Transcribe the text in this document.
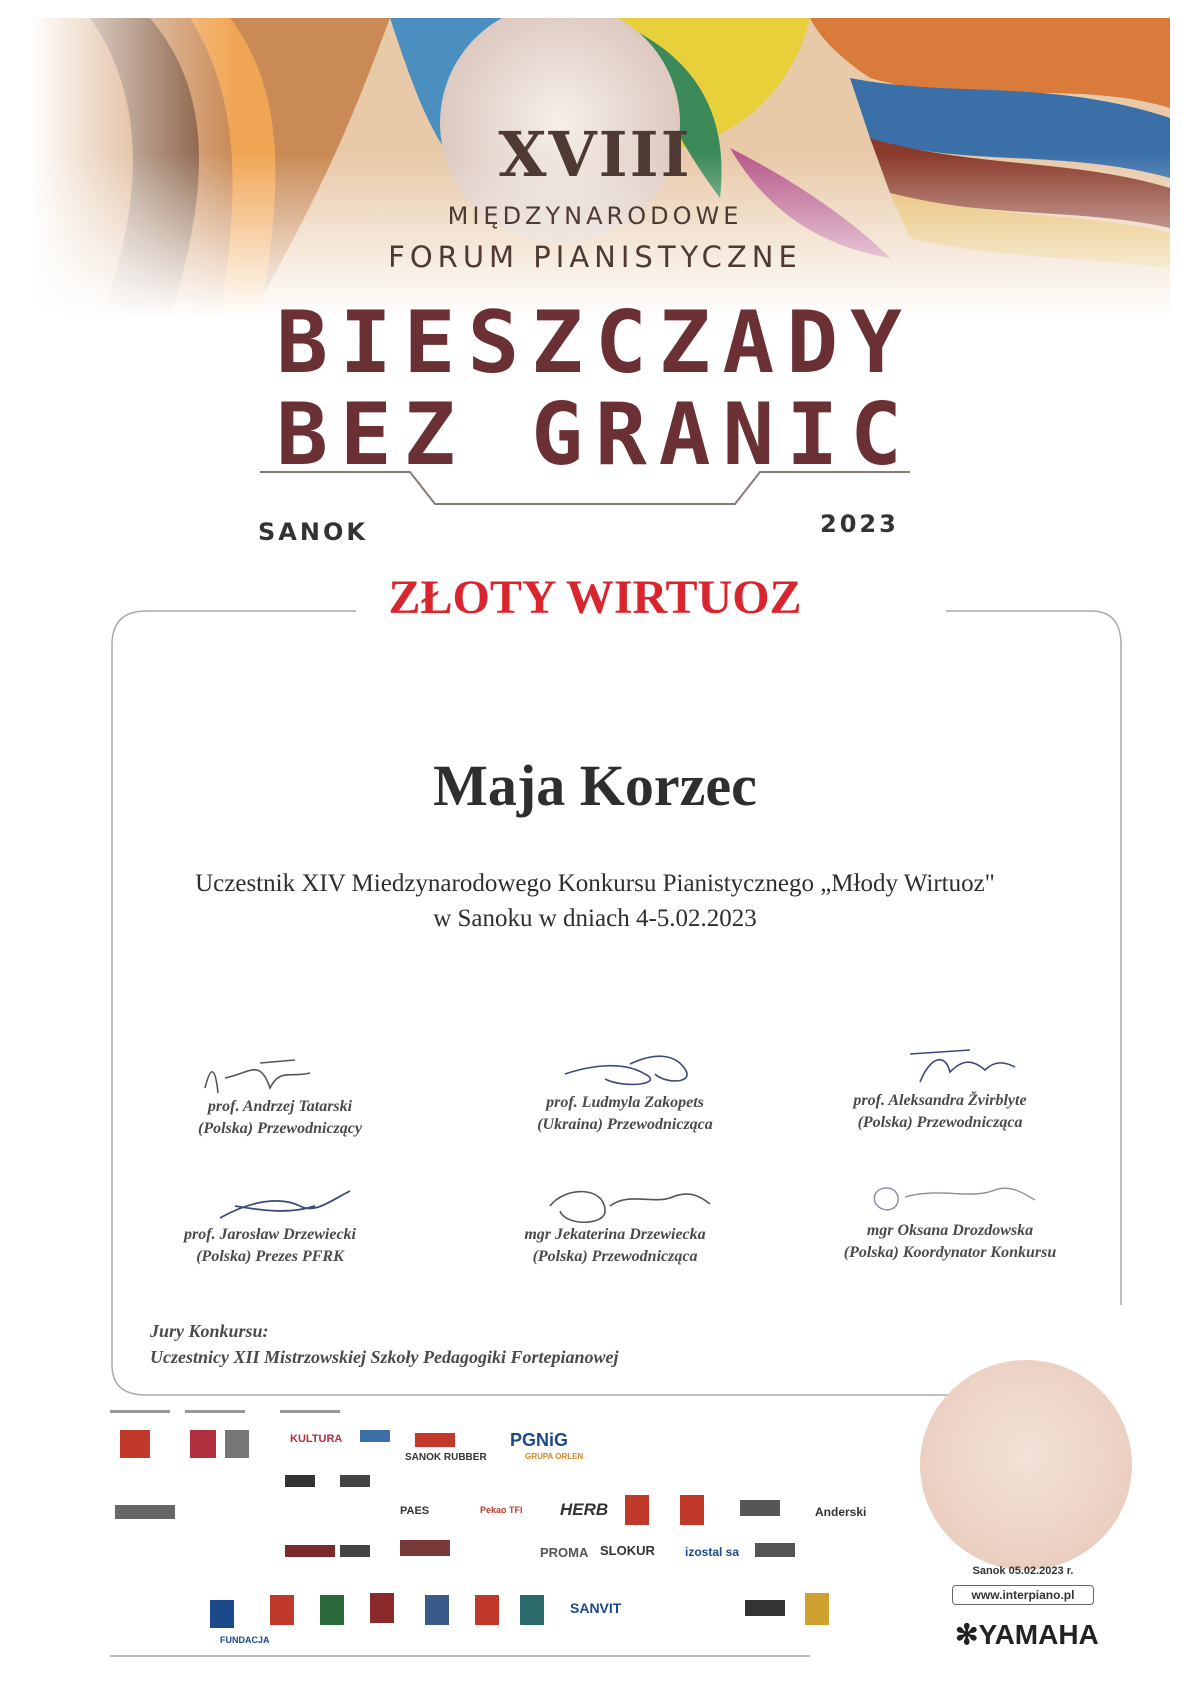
XVIII
MIĘDZYNARODOWE
FORUM PIANISTYCZNE
BIESZCZADY
BEZ GRANIC
SANOK	2023
ZŁOTY WIRTUOZ
Maja Korzec
Uczestnik XIV Miedzynarodowego Konkursu Pianistycznego „Młody Wirtuoz"
w Sanoku w dniach 4-5.02.2023
prof. Andrzej Tatarski
(Polska) Przewodniczący
prof. Ludmyla Zakopets
(Ukraina) Przewodnicząca
prof. Aleksandra Žvirblyte
(Polska) Przewodnicząca
prof. Jarosław Drzewiecki
(Polska) Prezes PFRK
mgr Jekaterina Drzewiecka
(Polska) Przewodnicząca
mgr Oksana Drozdowska
(Polska) Koordynator Konkursu
Jury Konkursu:
Uczestnicy XII Mistrzowskiej Szkoły Pedagogiki Fortepianowej
Sanok 05.02.2023 r.
www.interpiano.pl
✻YAMAHA
KULTURA
SANOK RUBBER
PGNiG
GRUPA ORLEN
PAES	Pekao TFI HERB	Anderski
PROMA SLOKUR	izostal sa
SANVIT
FUNDACJA
